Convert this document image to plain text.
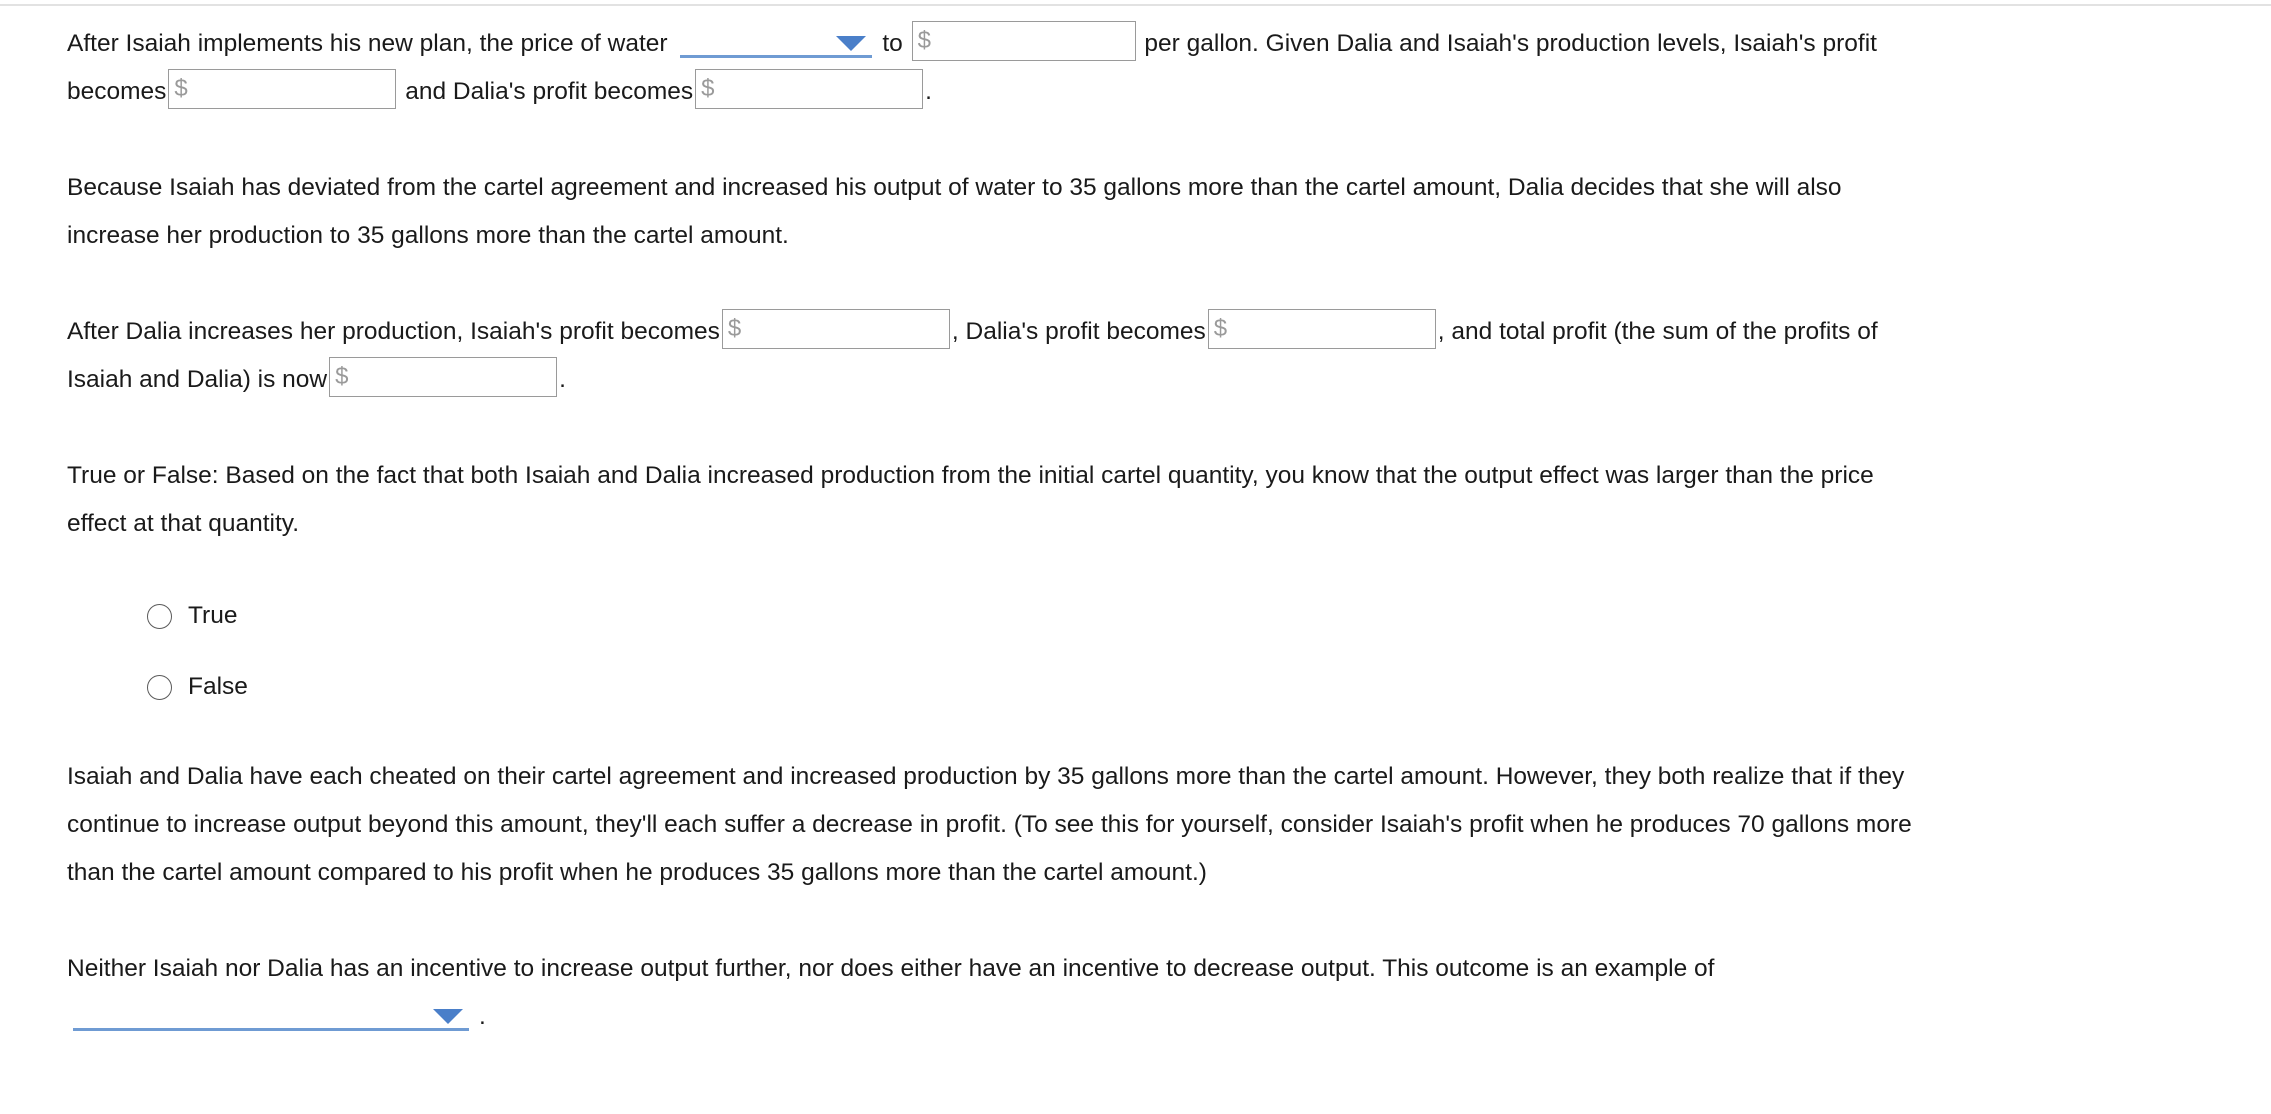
After Isaiah implements his new plan, the price of water	to $	per gallon. Given Dalia and Isaiah's production levels, Isaiah's profit becomes $	and Dalia's profit becomes $	.

Because Isaiah has deviated from the cartel agreement and increased his output of water to 35 gallons more than the cartel amount, Dalia decides that she will also increase her production to 35 gallons more than the cartel amount.

After Dalia increases her production, Isaiah's profit becomes $	, Dalia's profit becomes $	, and total profit (the sum of the profits of Isaiah and Dalia) is now $	.

True or False: Based on the fact that both Isaiah and Dalia increased production from the initial cartel quantity, you know that the output effect was larger than the price effect at that quantity.

True
False

Isaiah and Dalia have each cheated on their cartel agreement and increased production by 35 gallons more than the cartel amount. However, they both realize that if they continue to increase output beyond this amount, they'll each suffer a decrease in profit. (To see this for yourself, consider Isaiah's profit when he produces 70 gallons more than the cartel amount compared to his profit when he produces 35 gallons more than the cartel amount.)

Neither Isaiah nor Dalia has an incentive to increase output further, nor does either have an incentive to decrease output. This outcome is an example of
.
